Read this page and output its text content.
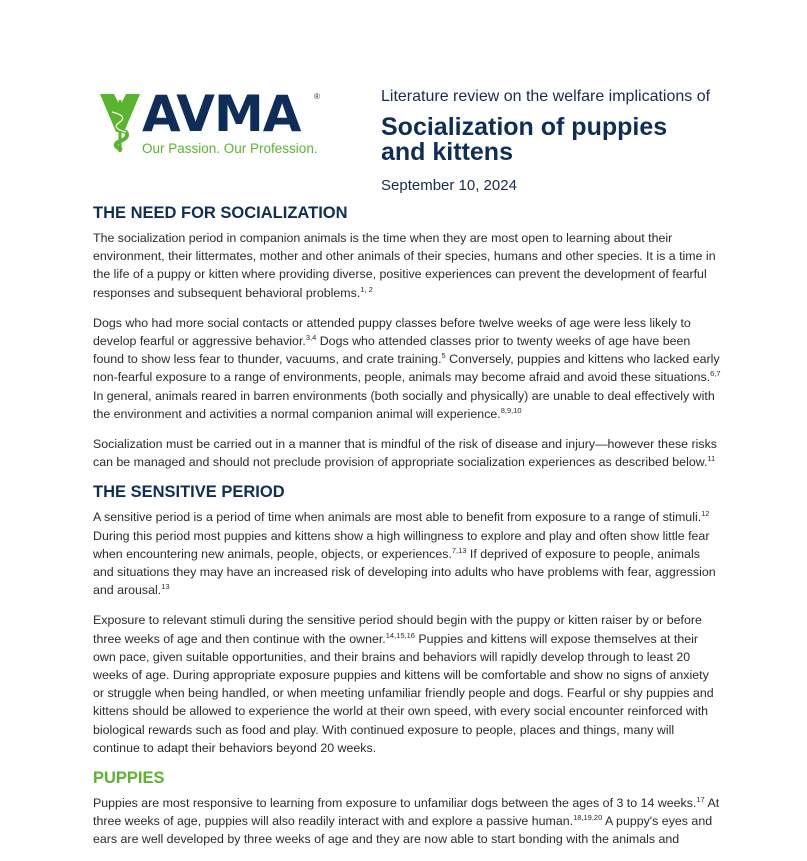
AVMA ®
Our Passion. Our Profession.

Literature review on the welfare implications of

Socialization of puppies
and kittens
September 10, 2024
THE NEED FOR SOCIALIZATION

The socialization period in companion animals is the time when they are most open to learning about their environment, their littermates, mother and other animals of their species, humans and other species. It is a time in the life of a puppy or kitten where providing diverse, positive experiences can prevent the development of fearful responses and subsequent behavioral problems.$^{1, 2}$

Dogs who had more social contacts or attended puppy classes before twelve weeks of age were less likely to develop fearful or aggressive behavior.$^{3,4}$ Dogs who attended classes prior to twenty weeks of age have been found to show less fear to thunder, vacuums, and crate training.$^5$ Conversely, puppies and kittens who lacked early non-fearful exposure to a range of environments, people, animals may become afraid and avoid these situations.$^{6,7}$ In general, animals reared in barren environments (both socially and physically) are unable to deal effectively with the environment and activities a normal companion animal will experience.$^{8,9,10}$

Socialization must be carried out in a manner that is mindful of the risk of disease and injury—however these risks can be managed and should not preclude provision of appropriate socialization experiences as described below.$^{11}$

THE SENSITIVE PERIOD

A sensitive period is a period of time when animals are most able to benefit from exposure to a range of stimuli.$^{12}$ During this period most puppies and kittens show a high willingness to explore and play and often show little fear when encountering new animals, people, objects, or experiences.$^{7,13}$ If deprived of exposure to people, animals and situations they may have an increased risk of developing into adults who have problems with fear, aggression and arousal.$^{13}$

Exposure to relevant stimuli during the sensitive period should begin with the puppy or kitten raiser by or before three weeks of age and then continue with the owner.$^{14,15,16}$ Puppies and kittens will expose themselves at their own pace, given suitable opportunities, and their brains and behaviors will rapidly develop through to least 20 weeks of age. During appropriate exposure puppies and kittens will be comfortable and show no signs of anxiety or struggle when being handled, or when meeting unfamiliar friendly people and dogs. Fearful or shy puppies and kittens should be allowed to experience the world at their own speed, with every social encounter reinforced with biological rewards such as food and play. With continued exposure to people, places and things, many will continue to adapt their behaviors beyond 20 weeks.

PUPPIES

Puppies are most responsive to learning from exposure to unfamiliar dogs between the ages of 3 to 14 weeks.$^{17}$ At three weeks of age, puppies will also readily interact with and explore a passive human.$^{18,19,20}$ A puppy's eyes and ears are well developed by three weeks of age and they are now able to start bonding with the animals and
